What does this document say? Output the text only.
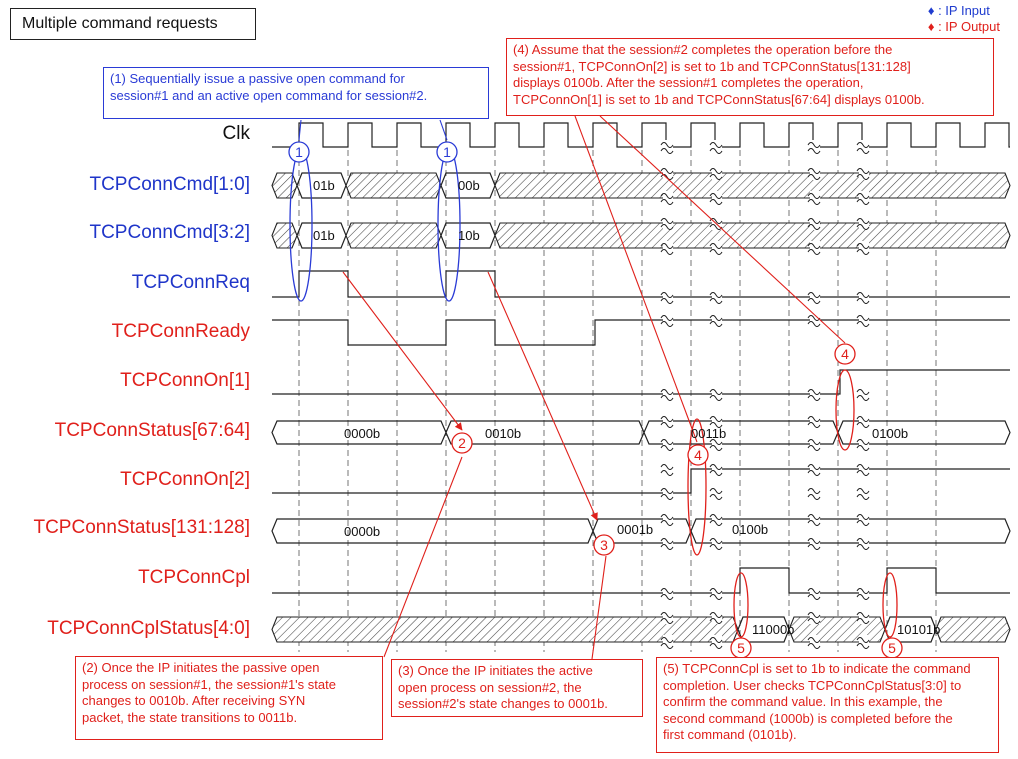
01b	00b
01b	10b
0000b	0010b	0011b	0100b
0000b	0001b	0100b
11000b	10101b
1	1
2
3
4
4
5	5
Multiple command requests
♦ : IP Input
♦ : IP Output
Clk
TCPConnCmd[1:0]
TCPConnCmd[3:2]
TCPConnReq
TCPConnReady
TCPConnOn[1]
TCPConnStatus[67:64]
TCPConnOn[2]
TCPConnStatus[131:128]
TCPConnCpl
TCPConnCplStatus[4:0]
(1) Sequentially issue a passive open command for
session#1 and an active open command for session#2.
(4) Assume that the session#2 completes the operation before the
session#1, TCPConnOn[2] is set to 1b and TCPConnStatus[131:128]
displays 0100b. After the session#1 completes the operation,
TCPConnOn[1] is set to 1b and TCPConnStatus[67:64] displays 0100b.
(2) Once the IP initiates the passive open
process on session#1, the session#1's state
changes to 0010b. After receiving SYN
packet, the state transitions to 0011b.
(3) Once the IP initiates the active
open process on session#2, the
session#2's state changes to 0001b.
(5) TCPConnCpl is set to 1b to indicate the command
completion. User checks TCPConnCplStatus[3:0] to
confirm the command value. In this example, the
second command (1000b) is completed before the
first command (0101b).
